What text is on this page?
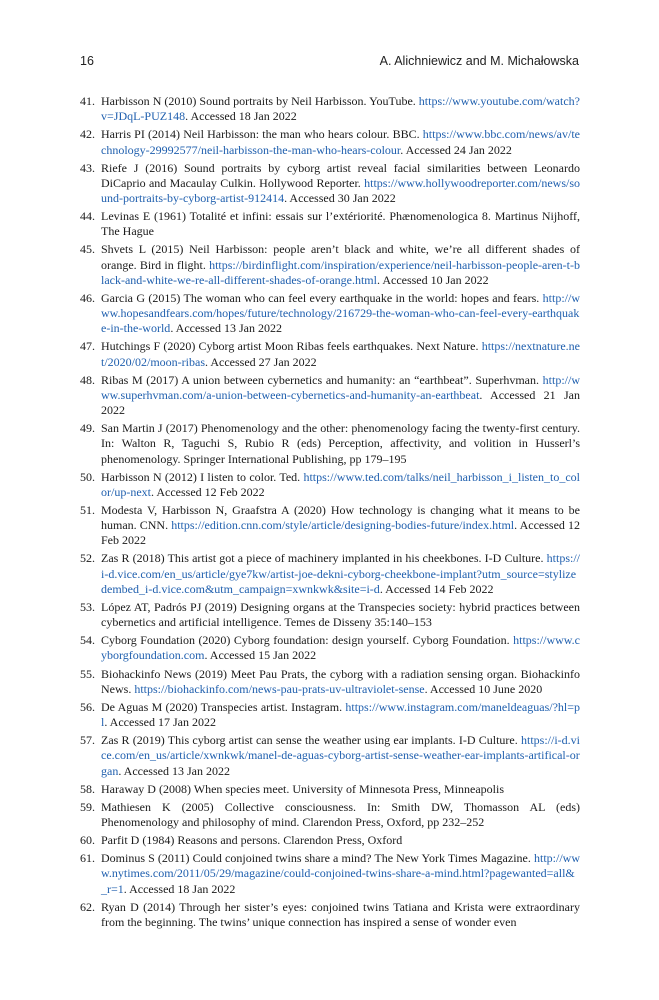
16	A. Alichniewicz and M. Michałowska
41. Harbisson N (2010) Sound portraits by Neil Harbisson. YouTube. https://www.youtube.com/watch?v=JDqL-PUZ148. Accessed 18 Jan 2022
42. Harris PI (2014) Neil Harbisson: the man who hears colour. BBC. https://www.bbc.com/news/av/technology-29992577/neil-harbisson-the-man-who-hears-colour. Accessed 24 Jan 2022
43. Riefe J (2016) Sound portraits by cyborg artist reveal facial similarities between Leonardo DiCaprio and Macaulay Culkin. Hollywood Reporter. https://www.hollywoodreporter.com/news/sound-portraits-by-cyborg-artist-912414. Accessed 30 Jan 2022
44. Levinas E (1961) Totalité et infini: essais sur l’extériorité. Phænomenologica 8. Martinus Nijhoff, The Hague
45. Shvets L (2015) Neil Harbisson: people aren’t black and white, we’re all different shades of orange. Bird in flight. https://birdinflight.com/inspiration/experience/neil-harbisson-people-aren-t-black-and-white-we-re-all-different-shades-of-orange.html. Accessed 10 Jan 2022
46. Garcia G (2015) The woman who can feel every earthquake in the world: hopes and fears. http://www.hopesandfears.com/hopes/future/technology/216729-the-woman-who-can-feel-every-earthquake-in-the-world. Accessed 13 Jan 2022
47. Hutchings F (2020) Cyborg artist Moon Ribas feels earthquakes. Next Nature. https://nextnature.net/2020/02/moon-ribas. Accessed 27 Jan 2022
48. Ribas M (2017) A union between cybernetics and humanity: an “earthbeat”. Superhvman. http://www.superhvman.com/a-union-between-cybernetics-and-humanity-an-earthbeat. Accessed 21 Jan 2022
49. San Martin J (2017) Phenomenology and the other: phenomenology facing the twenty-first century. In: Walton R, Taguchi S, Rubio R (eds) Perception, affectivity, and volition in Husserl’s phenomenology. Springer International Publishing, pp 179–195
50. Harbisson N (2012) I listen to color. Ted. https://www.ted.com/talks/neil_harbisson_i_listen_to_color/up-next. Accessed 12 Feb 2022
51. Modesta V, Harbisson N, Graafstra A (2020) How technology is changing what it means to be human. CNN. https://edition.cnn.com/style/article/designing-bodies-future/index.html. Accessed 12 Feb 2022
52. Zas R (2018) This artist got a piece of machinery implanted in his cheekbones. I-D Culture. https://i-d.vice.com/en_us/article/gye7kw/artist-joe-dekni-cyborg-cheekbone-implant?utm_source=stylizedembed_i-d.vice.com&utm_campaign=xwnkwk&site=i-d. Accessed 14 Feb 2022
53. López AT, Padrós PJ (2019) Designing organs at the Transpecies society: hybrid practices between cybernetics and artificial intelligence. Temes de Disseny 35:140–153
54. Cyborg Foundation (2020) Cyborg foundation: design yourself. Cyborg Foundation. https://www.cyborgfoundation.com. Accessed 15 Jan 2022
55. Biohackinfo News (2019) Meet Pau Prats, the cyborg with a radiation sensing organ. Biohackinfo News. https://biohackinfo.com/news-pau-prats-uv-ultraviolet-sense. Accessed 10 June 2020
56. De Aguas M (2020) Transpecies artist. Instagram. https://www.instagram.com/maneldeaguas/?hl=pl. Accessed 17 Jan 2022
57. Zas R (2019) This cyborg artist can sense the weather using ear implants. I-D Culture. https://i-d.vice.com/en_us/article/xwnkwk/manel-de-aguas-cyborg-artist-sense-weather-ear-implants-artifical-organ. Accessed 13 Jan 2022
58. Haraway D (2008) When species meet. University of Minnesota Press, Minneapolis
59. Mathiesen K (2005) Collective consciousness. In: Smith DW, Thomasson AL (eds) Phenomenology and philosophy of mind. Clarendon Press, Oxford, pp 232–252
60. Parfit D (1984) Reasons and persons. Clarendon Press, Oxford
61. Dominus S (2011) Could conjoined twins share a mind? The New York Times Magazine. http://www.nytimes.com/2011/05/29/magazine/could-conjoined-twins-share-a-mind.html?pagewanted=all&_r=1. Accessed 18 Jan 2022
62. Ryan D (2014) Through her sister’s eyes: conjoined twins Tatiana and Krista were extraordinary from the beginning. The twins’ unique connection has inspired a sense of wonder even
